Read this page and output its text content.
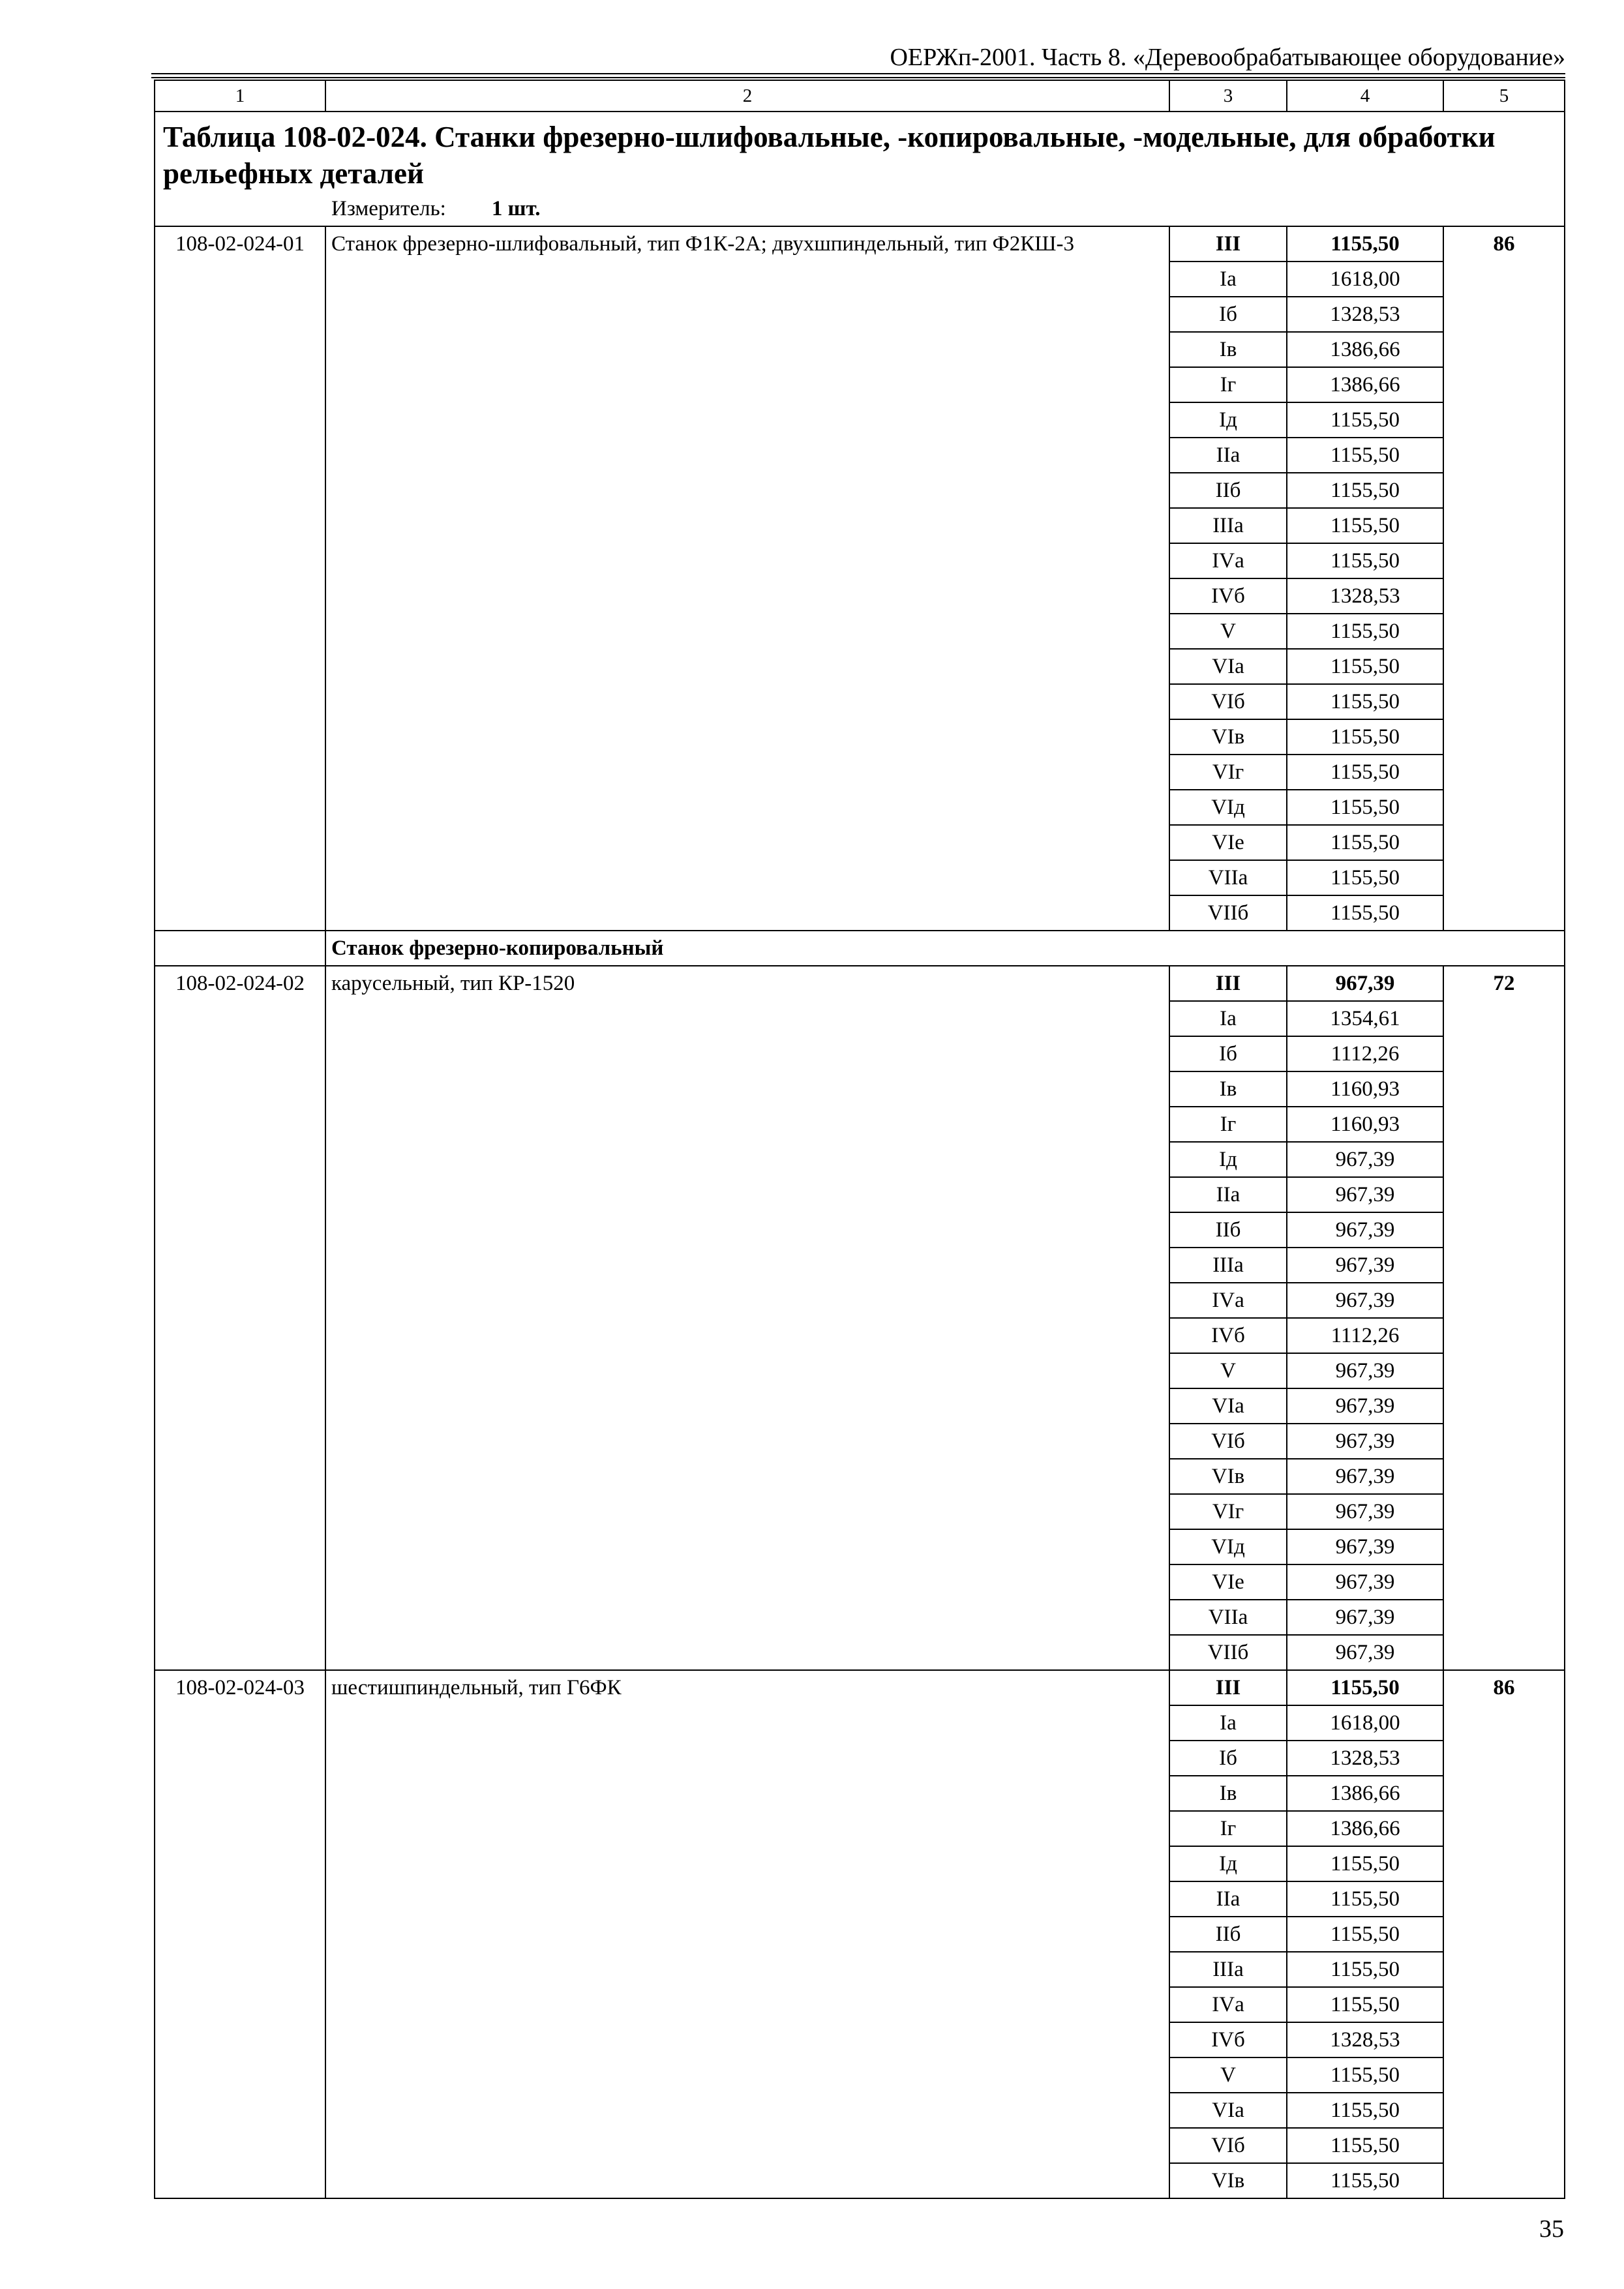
ОЕРЖп-2001. Часть 8. «Деревообрабатывающее оборудование»
1	2	3	4	5
Таблица 108-02-024. Станки фрезерно-шлифовальные, -копировальные, -модельные, для обработки рельефных деталей				
Измеритель: 1 шт.				
108-02-024-01	Станок фрезерно-шлифовальный, тип Ф1К-2А; двухшпиндельный, тип Ф2КШ-3	III	1155,50	86
		Iа	1618,00	
		Iб	1328,53	
		Iв	1386,66	
		Iг	1386,66	
		Iд	1155,50	
		IIа	1155,50	
		IIб	1155,50	
		IIIа	1155,50	
		IVа	1155,50	
		IVб	1328,53	
		V	1155,50	
		VIа	1155,50	
		VIб	1155,50	
		VIв	1155,50	
		VIг	1155,50	
		VIд	1155,50	
		VIе	1155,50	
		VIIа	1155,50	
		VIIб	1155,50	
	Станок фрезерно-копировальный			
108-02-024-02	карусельный, тип КР-1520	III	967,39	72
		Iа	1354,61	
		Iб	1112,26	
		Iв	1160,93	
		Iг	1160,93	
		Iд	967,39	
		IIа	967,39	
		IIб	967,39	
		IIIа	967,39	
		IVа	967,39	
		IVб	1112,26	
		V	967,39	
		VIа	967,39	
		VIб	967,39	
		VIв	967,39	
		VIг	967,39	
		VIд	967,39	
		VIе	967,39	
		VIIа	967,39	
		VIIб	967,39	
108-02-024-03	шестишпиндельный, тип Г6ФК	III	1155,50	86
		Iа	1618,00	
		Iб	1328,53	
		Iв	1386,66	
		Iг	1386,66	
		Iд	1155,50	
		IIа	1155,50	
		IIб	1155,50	
		IIIа	1155,50	
		IVа	1155,50	
		IVб	1328,53	
		V	1155,50	
		VIа	1155,50	
		VIб	1155,50	
		VIв	1155,50	
35
